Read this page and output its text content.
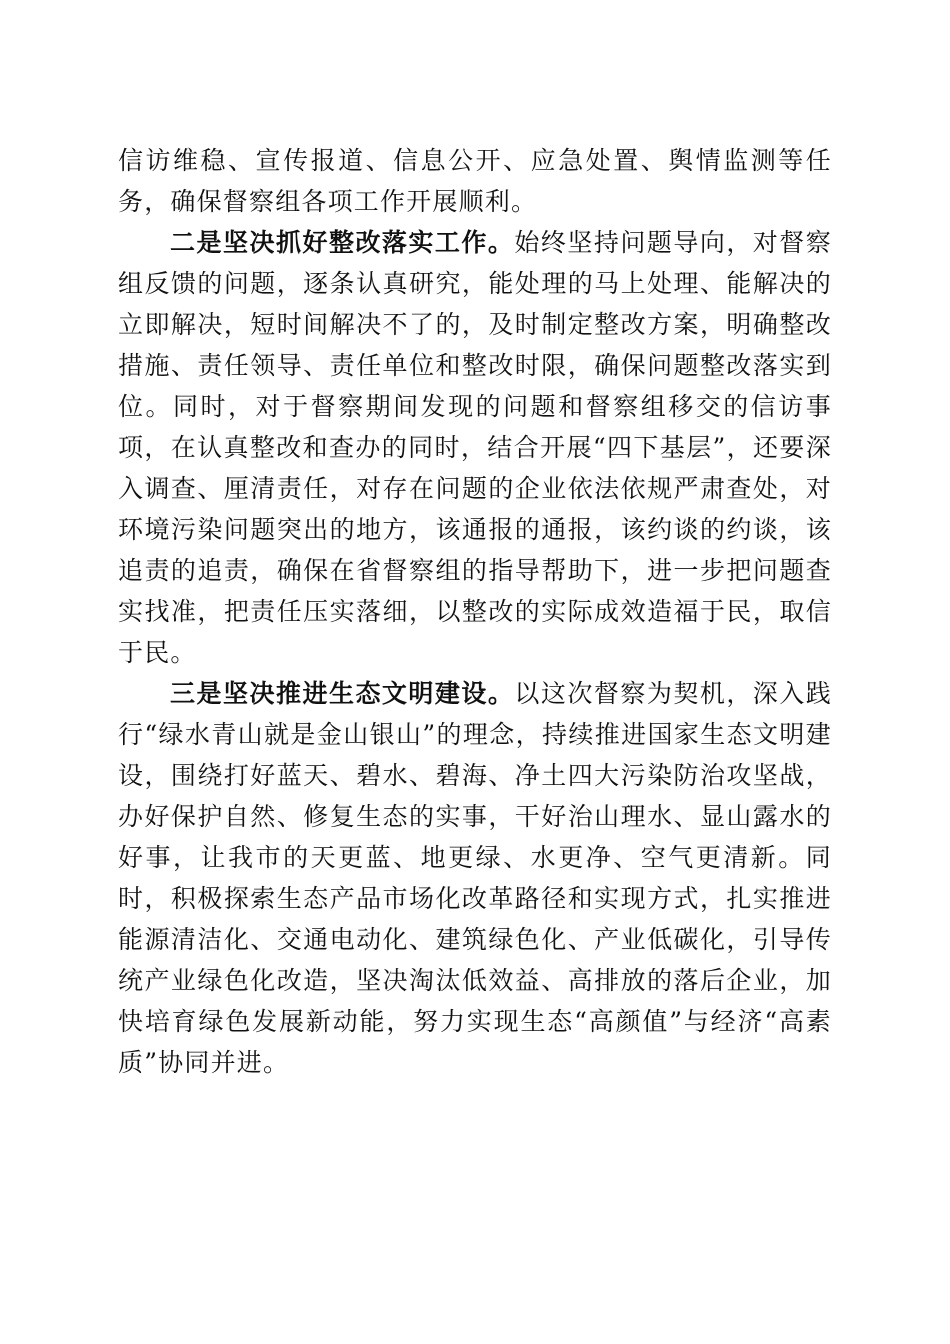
信访维稳、宣传报道、信息公开、应急处置、舆情监测等任务，确保督察组各项工作开展顺利。

二是坚决抓好整改落实工作。始终坚持问题导向，对督察组反馈的问题，逐条认真研究，能处理的马上处理、能解决的立即解决，短时间解决不了的，及时制定整改方案，明确整改措施、责任领导、责任单位和整改时限，确保问题整改落实到位。同时，对于督察期间发现的问题和督察组移交的信访事项，在认真整改和查办的同时，结合开展“四下基层”，还要深入调查、厘清责任，对存在问题的企业依法依规严肃查处，对环境污染问题突出的地方，该通报的通报，该约谈的约谈，该追责的追责，确保在省督察组的指导帮助下，进一步把问题查实找准，把责任压实落细，以整改的实际成效造福于民，取信于民。

三是坚决推进生态文明建设。以这次督察为契机，深入践行“绿水青山就是金山银山”的理念，持续推进国家生态文明建设，围绕打好蓝天、碧水、碧海、净土四大污染防治攻坚战，办好保护自然、修复生态的实事，干好治山理水、显山露水的好事，让我市的天更蓝、地更绿、水更净、空气更清新。同时，积极探索生态产品市场化改革路径和实现方式，扎实推进能源清洁化、交通电动化、建筑绿色化、产业低碳化，引导传统产业绿色化改造，坚决淘汰低效益、高排放的落后企业，加快培育绿色发展新动能，努力实现生态“高颜值”与经济“高素质”协同并进。
